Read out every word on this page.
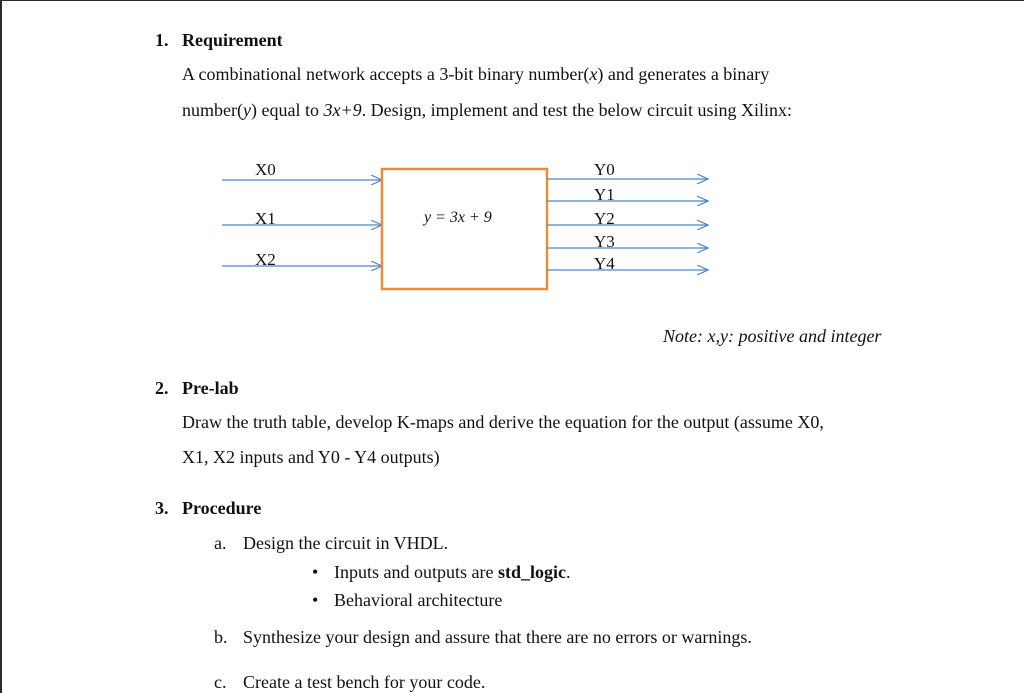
1. Requirement
A combinational network accepts a 3-bit binary number(x) and generates a binary
number(y) equal to 3x+9. Design, implement and test the below circuit using Xilinx:
X0
X1
X2
y = 3x + 9
Y0
Y1
Y2
Y3
Y4
Note: x,y: positive and integer
2. Pre-lab
Draw the truth table, develop K-maps and derive the equation for the output (assume X0,
X1, X2 inputs and Y0 - Y4 outputs)
3. Procedure
a. Design the circuit in VHDL.
• Inputs and outputs are std_logic.
• Behavioral architecture
b. Synthesize your design and assure that there are no errors or warnings.
c. Create a test bench for your code.
